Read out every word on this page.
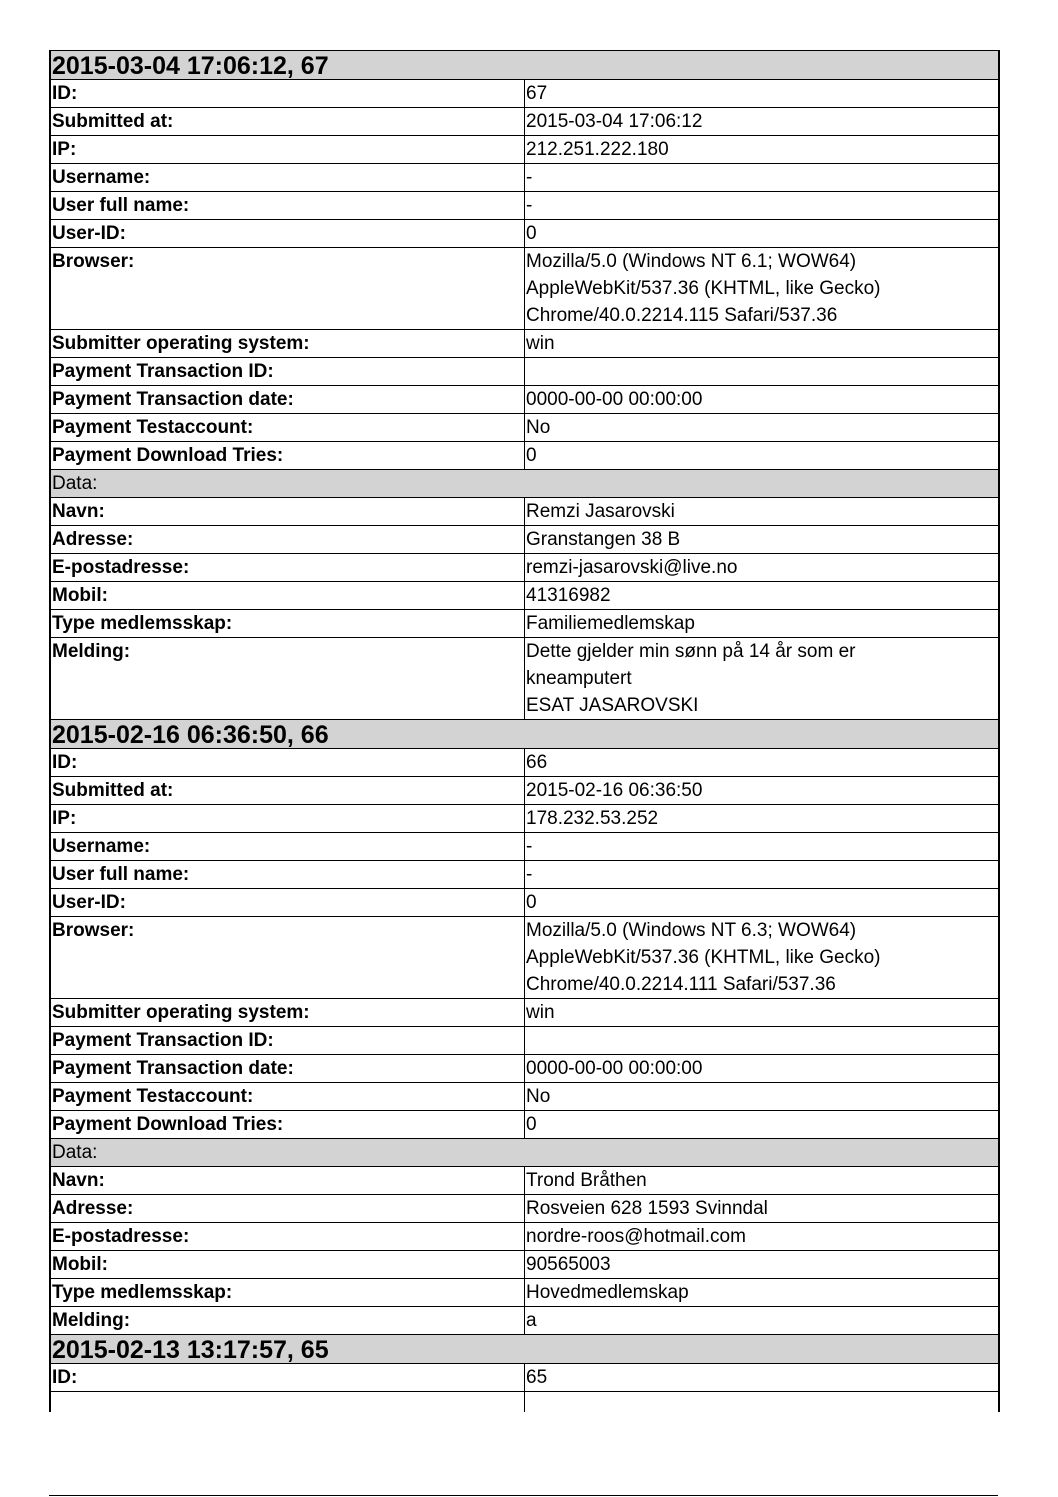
2015-03-04 17:06:12, 67	
ID:	67
Submitted at:	2015-03-04 17:06:12
IP:	212.251.222.180
Username:	-
User full name:	-
User-ID:	0
Browser:	Mozilla/5.0 (Windows NT 6.1; WOW64)
AppleWebKit/537.36 (KHTML, like Gecko)
Chrome/40.0.2214.115 Safari/537.36
Submitter operating system:	win
Payment Transaction ID:	
Payment Transaction date:	0000-00-00 00:00:00
Payment Testaccount:	No
Payment Download Tries:	0
Data:	
Navn:	Remzi Jasarovski
Adresse:	Granstangen 38 B
E-postadresse:	remzi-jasarovski@live.no
Mobil:	41316982
Type medlemsskap:	Familiemedlemskap
Melding:	Dette gjelder min sønn på 14 år som er
kneamputert
ESAT JASAROVSKI
2015-02-16 06:36:50, 66	
ID:	66
Submitted at:	2015-02-16 06:36:50
IP:	178.232.53.252
Username:	-
User full name:	-
User-ID:	0
Browser:	Mozilla/5.0 (Windows NT 6.3; WOW64)
AppleWebKit/537.36 (KHTML, like Gecko)
Chrome/40.0.2214.111 Safari/537.36
Submitter operating system:	win
Payment Transaction ID:	
Payment Transaction date:	0000-00-00 00:00:00
Payment Testaccount:	No
Payment Download Tries:	0
Data:	
Navn:	Trond Bråthen
Adresse:	Rosveien 628 1593 Svinndal
E-postadresse:	nordre-roos@hotmail.com
Mobil:	90565003
Type medlemsskap:	Hovedmedlemskap
Melding:	a
2015-02-13 13:17:57, 65	
ID:	65
